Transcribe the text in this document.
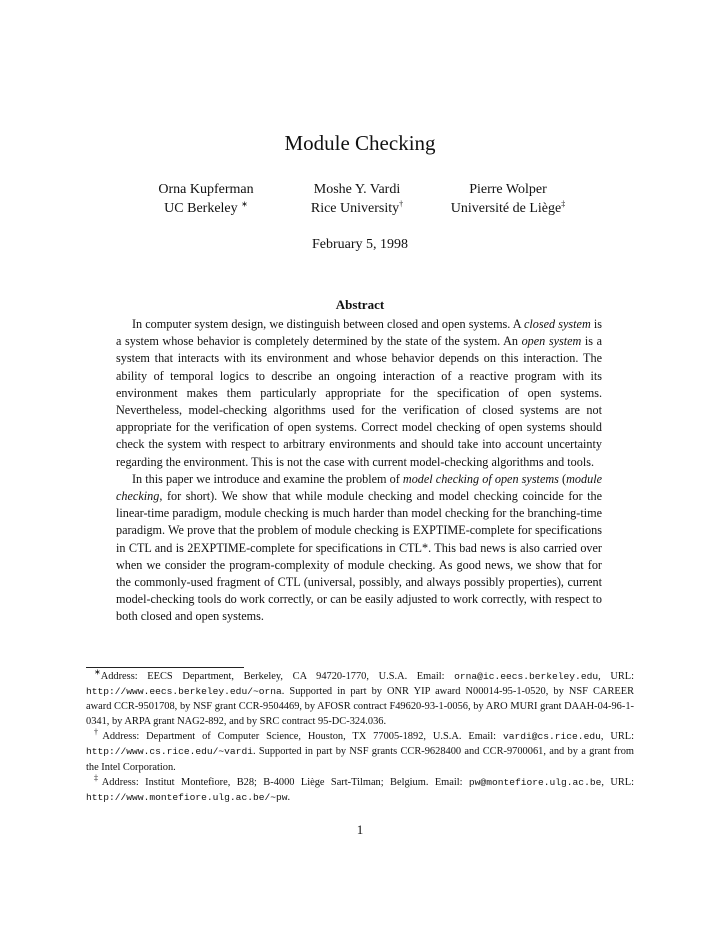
Module Checking
Orna Kupferman
UC Berkeley ∗
Moshe Y. Vardi
Rice University†
Pierre Wolper
Université de Liège‡
February 5, 1998
Abstract

In computer system design, we distinguish between closed and open systems. A closed system is a system whose behavior is completely determined by the state of the system. An open system is a system that interacts with its environment and whose behavior depends on this interaction. The ability of temporal logics to describe an ongoing interaction of a reactive program with its environment makes them particularly appropriate for the specification of open systems. Nevertheless, model-checking algorithms used for the verification of closed systems are not appropriate for the verification of open systems. Correct model checking of open systems should check the system with respect to arbitrary environments and should take into account uncertainty regarding the environment. This is not the case with current model-checking algorithms and tools.

In this paper we introduce and examine the problem of model checking of open systems (module checking, for short). We show that while module checking and model checking coincide for the linear-time paradigm, module checking is much harder than model checking for the branching-time paradigm. We prove that the problem of module checking is EXPTIME-complete for specifications in CTL and is 2EXPTIME-complete for specifications in CTL*. This bad news is also carried over when we consider the program-complexity of module checking. As good news, we show that for the commonly-used fragment of CTL (universal, possibly, and always possibly properties), current model-checking tools do work correctly, or can be easily adjusted to work correctly, with respect to both closed and open systems.

∗Address: EECS Department, Berkeley, CA 94720-1770, U.S.A. Email: orna@ic.eecs.berkeley.edu, URL: http://www.eecs.berkeley.edu/~orna. Supported in part by ONR YIP award N00014-95-1-0520, by NSF CAREER award CCR-9501708, by NSF grant CCR-9504469, by AFOSR contract F49620-93-1-0056, by ARO MURI grant DAAH-04-96-1-0341, by ARPA grant NAG2-892, and by SRC contract 95-DC-324.036.

†Address: Department of Computer Science, Houston, TX 77005-1892, U.S.A. Email: vardi@cs.rice.edu, URL: http://www.cs.rice.edu/~vardi. Supported in part by NSF grants CCR-9628400 and CCR-9700061, and by a grant from the Intel Corporation.

‡Address: Institut Montefiore, B28; B-4000 Liège Sart-Tilman; Belgium. Email: pw@montefiore.ulg.ac.be, URL: http://www.montefiore.ulg.ac.be/~pw.

1
